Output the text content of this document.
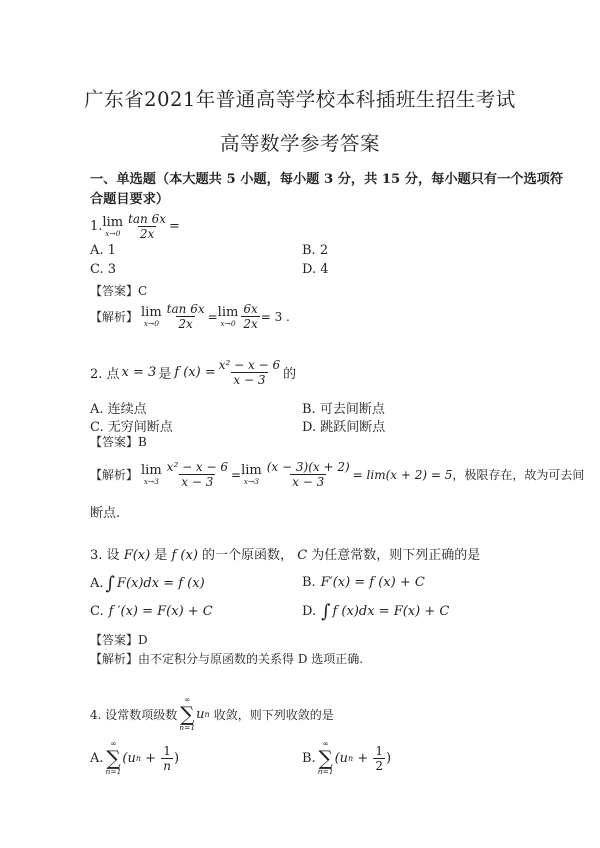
广东省2021年普通高等学校本科插班生招生考试
高等数学参考答案
一、单选题（本大题共 5 小题，每小题 3 分，共 15 分，每小题只有一个选项符
合题目要求）
1. lim
$x\to 0 \frac{\tan 6x}{2x}$ =
A. 1	B. 2
C. 3	D. 4
【答案】C
【解析】 lim
$x\to 0 \frac{\tan 6x}{2x} = \lim$
$x\to 0 \frac{6x}{2x} = 3$ .
2. 点 x = 3 是 f $(x) = \frac{\text{x² − x − 6}}{x - 3}$ 的
A. 连续点	B. 可去间断点
C. 无穷间断点	D. 跳跃间断点
【答案】B
【解析】 lim
$x\to 3 \frac{\text{x² − x − 6}}{x - 3} = \lim$
$x\to 3 \frac{(x - 3)(x + 2)}{x - 3} = \lim(x + 2) = 5$ ，极限存在，故为可去间
断点.
3. 设 F(x) 是 f (x) 的一个原函数， C 为任意常数，则下列正确的是
A. ∫ F(x)dx = f (x)	B. F′(x) = f (x) + C
C. f ′(x) = F(x) + C	D. ∫ f (x)dx = F(x) + C
【答案】D
【解析】由不定积分与原函数的关系得 D 选项正确.
4. 设常数项级数
∞
∑
n=1
u n 收敛，则下列收敛的是
A.
∞
∑
n=1
(u $n + \frac{1}{n}$ )	B.
∞
∑
n=1
(u $n + \frac{1}{2}$ )
